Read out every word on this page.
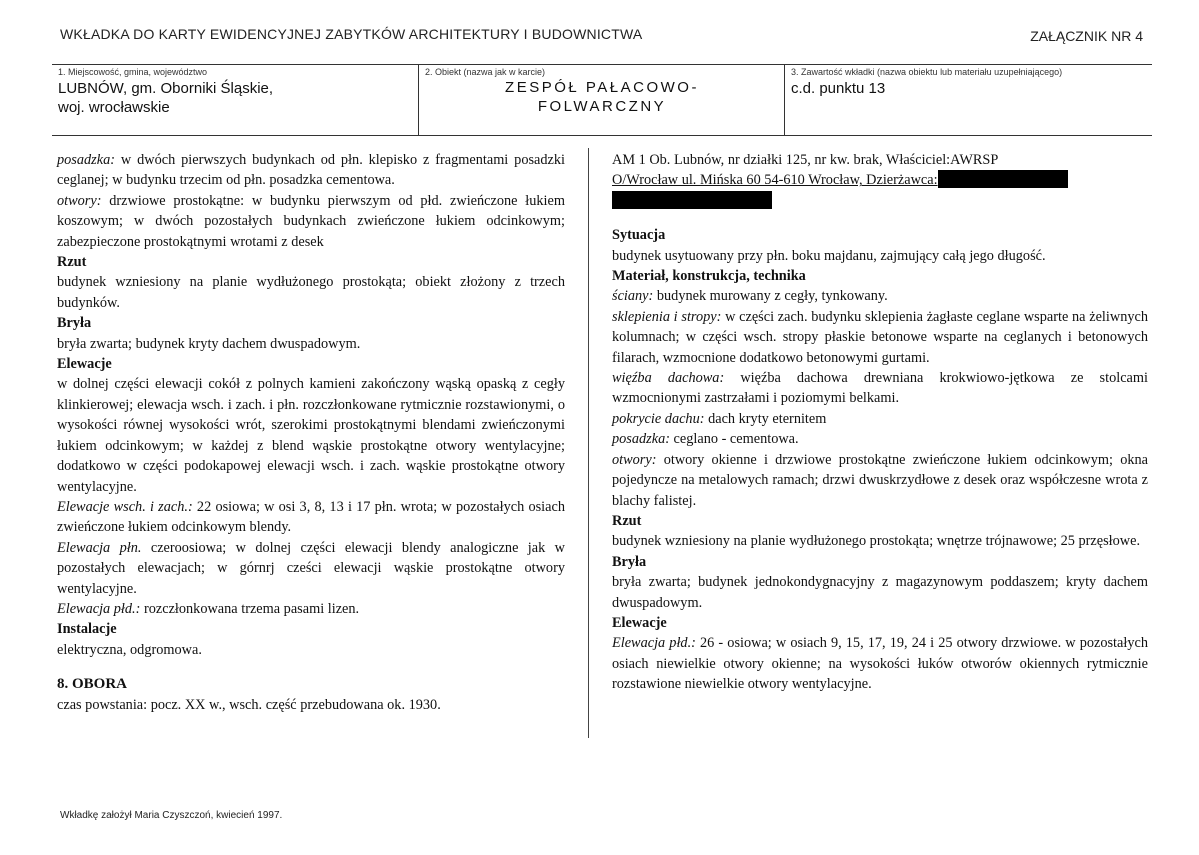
WKŁADKA DO KARTY EWIDENCYJNEJ ZABYTKÓW ARCHITEKTURY I BUDOWNICTWA	ZAŁĄCZNIK NR 4
1. Miejscowość, gmina, województwo
LUBNÓW, gm. Oborniki Śląskie,
woj. wrocławskie
2. Obiekt (nazwa jak w karcie)
ZESPÓŁ PAŁACOWO-
FOLWARCZNY
3. Zawartość wkładki (nazwa obiektu lub materiału uzupełniającego)
c.d. punktu 13

posadzka: w dwóch pierwszych budynkach od płn. klepisko z fragmentami posadzki ceglanej; w budynku trzecim od płn. posadzka cementowa.

otwory: drzwiowe prostokątne: w budynku pierwszym od płd. zwieńczone łukiem koszowym; w dwóch pozostałych budynkach zwieńczone łukiem odcinkowym; zabezpieczone prostokątnymi wrotami z desek

Rzut

budynek wzniesiony na planie wydłużonego prostokąta; obiekt złożony z trzech budynków.

Bryła

bryła zwarta; budynek kryty dachem dwuspadowym.

Elewacje

w dolnej części elewacji cokół z polnych kamieni zakończony wąską opaską z cegły klinkierowej; elewacja wsch. i zach. i płn. rozczłonkowane rytmicznie rozstawionymi, o wysokości równej wysokości wrót, szerokimi prostokątnymi blendami zwieńczonymi łukiem odcinkowym; w każdej z blend wąskie prostokątne otwory wentylacyjne; dodatkowo w części podokapowej elewacji wsch. i zach. wąskie prostokątne otwory wentylacyjne.

Elewacje wsch. i zach.: 22 osiowa; w osi 3, 8, 13 i 17 płn. wrota; w pozostałych osiach zwieńczone łukiem odcinkowym blendy.

Elewacja płn. czeroosiowa; w dolnej części elewacji blendy analogiczne jak w pozostałych elewacjach; w górnrj cześci elewacji wąskie prostokątne otwory wentylacyjne.

Elewacja płd.: rozczłonkowana trzema pasami lizen.

Instalacje

elektryczna, odgromowa.

8. OBORA

czas powstania: pocz. XX w., wsch. część przebudowana ok. 1930.

AM 1 Ob. Lubnów, nr działki 125, nr kw. brak, Właściciel:AWRSP

O/Wrocław ul. Mińska 60 54-610 Wrocław, Dzierżawca:

Sytuacja

budynek usytuowany przy płn. boku majdanu, zajmujący całą jego długość.

Materiał, konstrukcja, technika

ściany: budynek murowany z cegły, tynkowany.

sklepienia i stropy: w części zach. budynku sklepienia żagłaste ceglane wsparte na żeliwnych kolumnach; w części wsch. stropy płaskie betonowe wsparte na ceglanych i betonowych filarach, wzmocnione dodatkowo betonowymi gurtami.

więźba dachowa: więźba dachowa drewniana krokwiowo-jętkowa ze stolcami wzmocnionymi zastrzałami i poziomymi belkami.

pokrycie dachu: dach kryty eternitem

posadzka: ceglano - cementowa.

otwory: otwory okienne i drzwiowe prostokątne zwieńczone łukiem odcinkowym; okna pojedyncze na metalowych ramach; drzwi dwuskrzydłowe z desek oraz współczesne wrota z blachy falistej.

Rzut

budynek wzniesiony na planie wydłużonego prostokąta; wnętrze trójnawowe; 25 przęsłowe.

Bryła

bryła zwarta; budynek jednokondygnacyjny z magazynowym poddaszem; kryty dachem dwuspadowym.

Elewacje

Elewacja płd.: 26 - osiowa; w osiach 9, 15, 17, 19, 24 i 25 otwory drzwiowe. w pozostałych osiach niewielkie otwory okienne; na wysokości łuków otworów okiennych rytmicznie rozstawione niewielkie otwory wentylacyjne.

Wkładkę założył Maria Czyszczoń, kwiecień 1997.
